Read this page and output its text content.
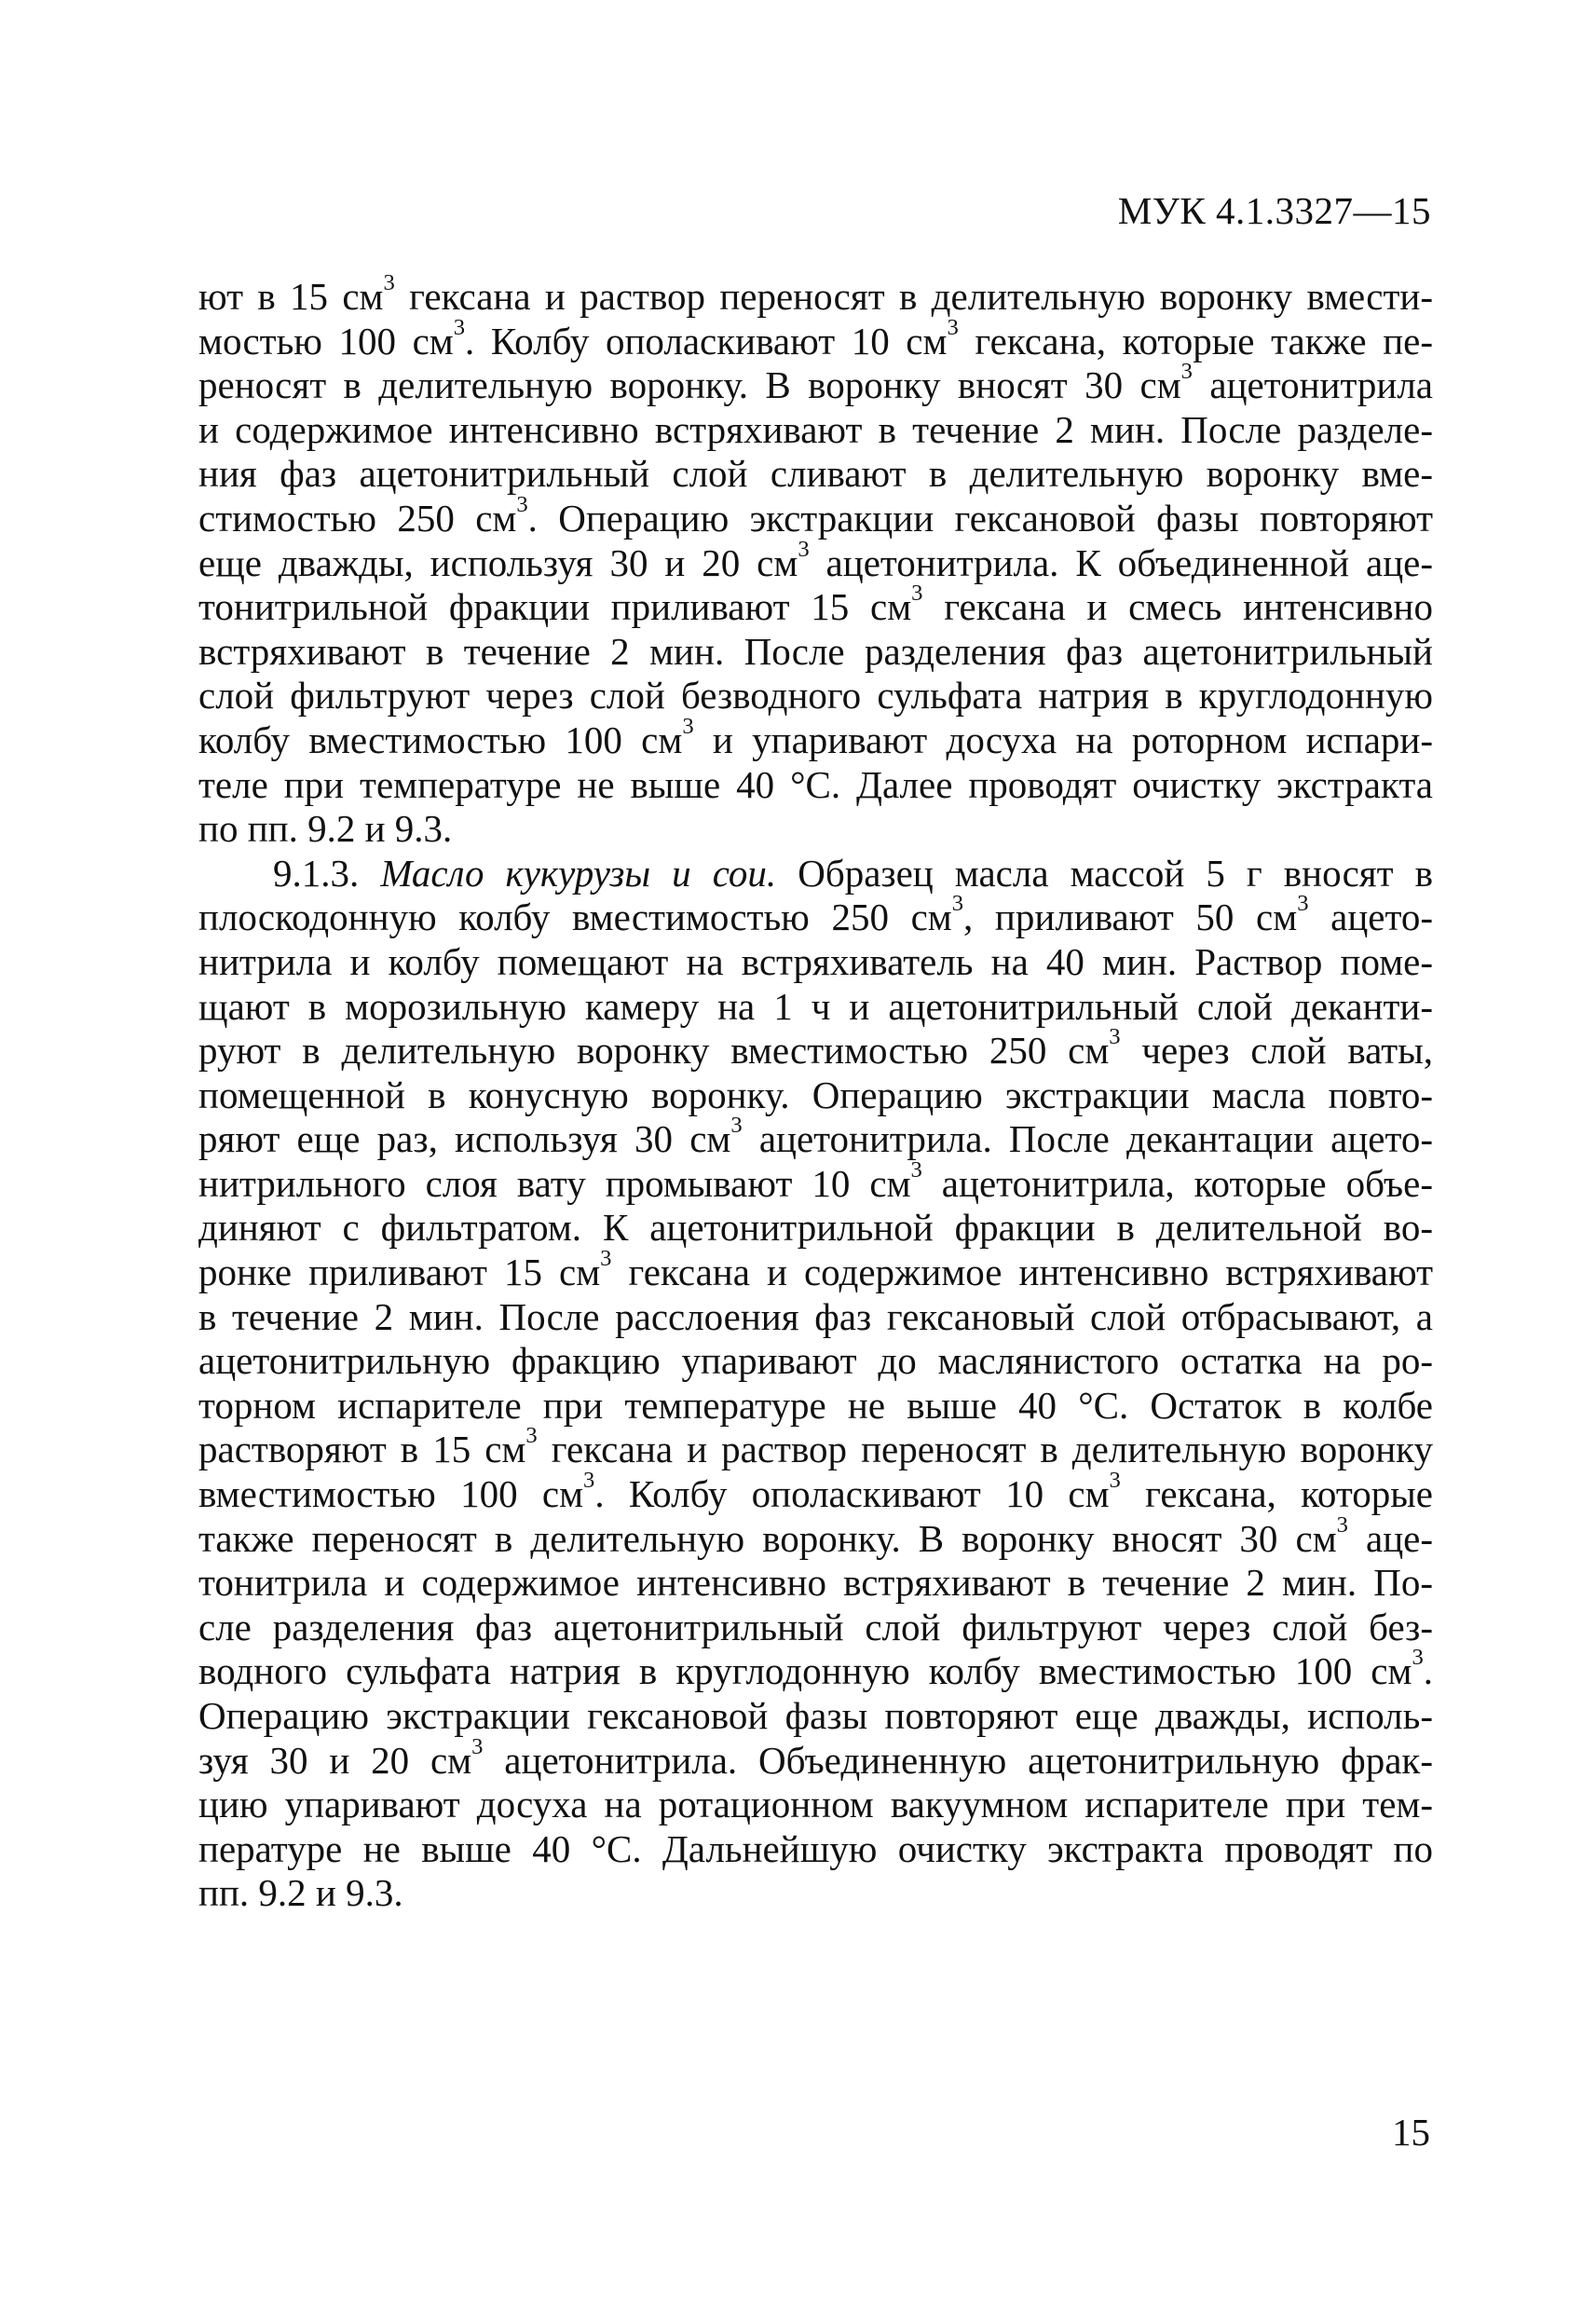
МУК 4.1.3327—15
ют в 15 $см^3$ гексана и раствор переносят в делительную воронку вмести-
мостью 100 $см^3$. Колбу ополаскивают 10 $см^3$ гексана, которые также пе-
реносят в делительную воронку. В воронку вносят 30 $см^3$ ацетонитрила
и содержимое интенсивно встряхивают в течение 2 мин. После разделе-
ния фаз ацетонитрильный слой сливают в делительную воронку вме-
стимостью 250 $см^3$. Операцию экстракции гексановой фазы повторяют
еще дважды, используя 30 и 20 $см^3$ ацетонитрила. К объединенной аце-
тонитрильной фракции приливают 15 $см^3$ гексана и смесь интенсивно
встряхивают в течение 2 мин. После разделения фаз ацетонитрильный
слой фильтруют через слой безводного сульфата натрия в круглодонную
колбу вместимостью 100 $см^3$ и упаривают досуха на роторном испари-
теле при температуре не выше 40 °С. Далее проводят очистку экстракта
по пп. 9.2 и 9.3.
9.1.3. Масло кукурузы и сои. Образец масла массой 5 г вносят в
плоскодонную колбу вместимостью 250 $см^3$, приливают 50 $см^3$ ацето-
нитрила и колбу помещают на встряхиватель на 40 мин. Раствор поме-
щают в морозильную камеру на 1 ч и ацетонитрильный слой деканти-
руют в делительную воронку вместимостью 250 $см^3$ через слой ваты,
помещенной в конусную воронку. Операцию экстракции масла повто-
ряют еще раз, используя 30 $см^3$ ацетонитрила. После декантации ацето-
нитрильного слоя вату промывают 10 $см^3$ ацетонитрила, которые объе-
диняют с фильтратом. К ацетонитрильной фракции в делительной во-
ронке приливают 15 $см^3$ гексана и содержимое интенсивно встряхивают
в течение 2 мин. После расслоения фаз гексановый слой отбрасывают, а
ацетонитрильную фракцию упаривают до маслянистого остатка на ро-
торном испарителе при температуре не выше 40 °С. Остаток в колбе
растворяют в 15 $см^3$ гексана и раствор переносят в делительную воронку
вместимостью 100 $см^3$. Колбу ополаскивают 10 $см^3$ гексана, которые
также переносят в делительную воронку. В воронку вносят 30 $см^3$ аце-
тонитрила и содержимое интенсивно встряхивают в течение 2 мин. По-
сле разделения фаз ацетонитрильный слой фильтруют через слой без-
водного сульфата натрия в круглодонную колбу вместимостью 100 $см^3$.
Операцию экстракции гексановой фазы повторяют еще дважды, исполь-
зуя 30 и 20 $см^3$ ацетонитрила. Объединенную ацетонитрильную фрак-
цию упаривают досуха на ротационном вакуумном испарителе при тем-
пературе не выше 40 °С. Дальнейшую очистку экстракта проводят по
пп. 9.2 и 9.3.
15
